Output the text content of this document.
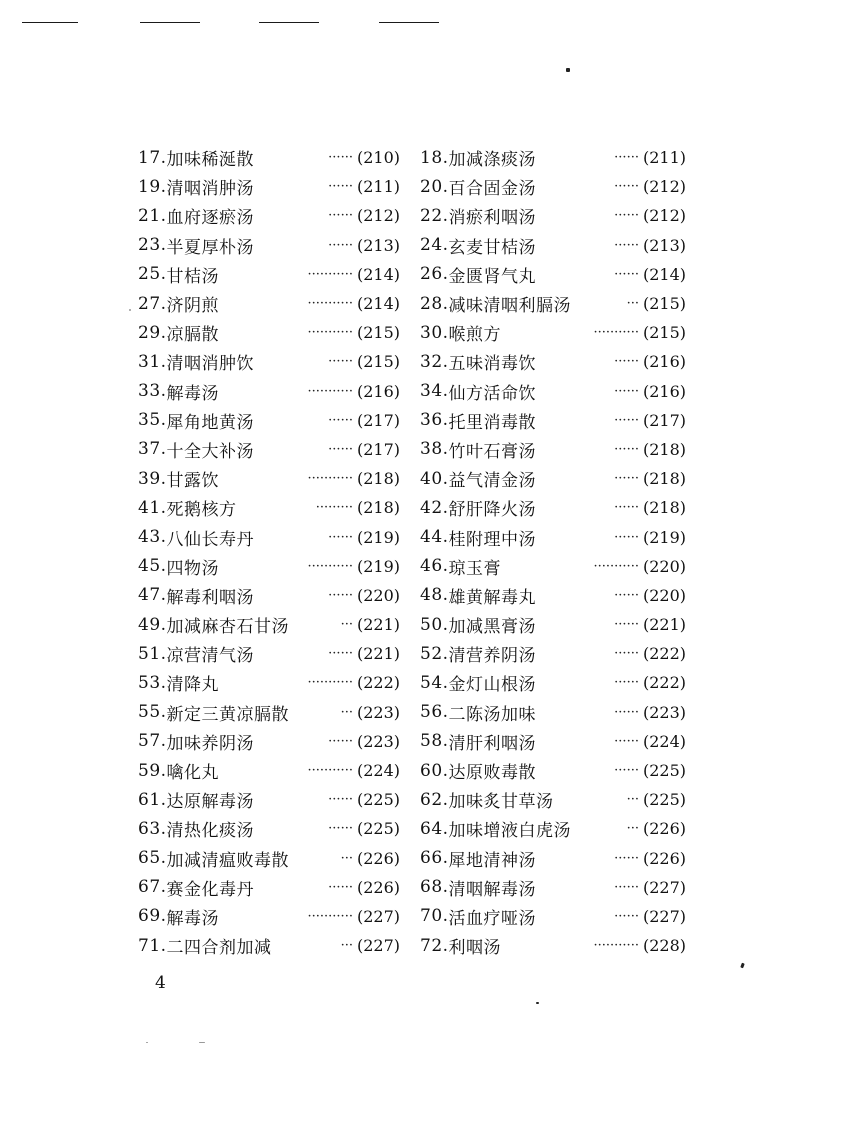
17. 加味稀涎散	······ (210) 18. 加减涤痰汤	······ (211)
19. 清咽消肿汤	······ (211) 20. 百合固金汤	······ (212)
21. 血府逐瘀汤	······ (212) 22. 消瘀利咽汤	······ (212)
23. 半夏厚朴汤	······ (213) 24. 玄麦甘桔汤	······ (213)
25. 甘桔汤	··········· (214) 26. 金匮肾气丸	······ (214)
27. 济阴煎	··········· (214) 28. 减味清咽利膈汤	··· (215)
29. 凉膈散	··········· (215) 30. 喉煎方	··········· (215)
31. 清咽消肿饮	······ (215) 32. 五味消毒饮	······ (216)
33. 解毒汤	··········· (216) 34. 仙方活命饮	······ (216)
35. 犀角地黄汤	······ (217) 36. 托里消毒散	······ (217)
37. 十全大补汤	······ (217) 38. 竹叶石膏汤	······ (218)
39. 甘露饮	··········· (218) 40. 益气清金汤	······ (218)
41. 死鹅核方	········· (218) 42. 舒肝降火汤	······ (218)
43. 八仙长寿丹	······ (219) 44. 桂附理中汤	······ (219)
45. 四物汤	··········· (219) 46. 琼玉膏	··········· (220)
47. 解毒利咽汤	······ (220) 48. 雄黄解毒丸	······ (220)
49. 加减麻杏石甘汤	··· (221) 50. 加减黑膏汤	······ (221)
51. 凉营清气汤	······ (221) 52. 清营养阴汤	······ (222)
53. 清降丸	··········· (222) 54. 金灯山根汤	······ (222)
55. 新定三黄凉膈散	··· (223) 56. 二陈汤加味	······ (223)
57. 加味养阴汤	······ (223) 58. 清肝利咽汤	······ (224)
59. 噙化丸	··········· (224) 60. 达原败毒散	······ (225)
61. 达原解毒汤	······ (225) 62. 加味炙甘草汤	··· (225)
63. 清热化痰汤	······ (225) 64. 加味增液白虎汤	··· (226)
65. 加减清瘟败毒散	··· (226) 66. 犀地清神汤	······ (226)
67. 赛金化毒丹	······ (226) 68. 清咽解毒汤	······ (227)
69. 解毒汤	··········· (227) 70. 活血疗哑汤	······ (227)
71. 二四合剂加减	··· (227) 72. 利咽汤	··········· (228)
4
